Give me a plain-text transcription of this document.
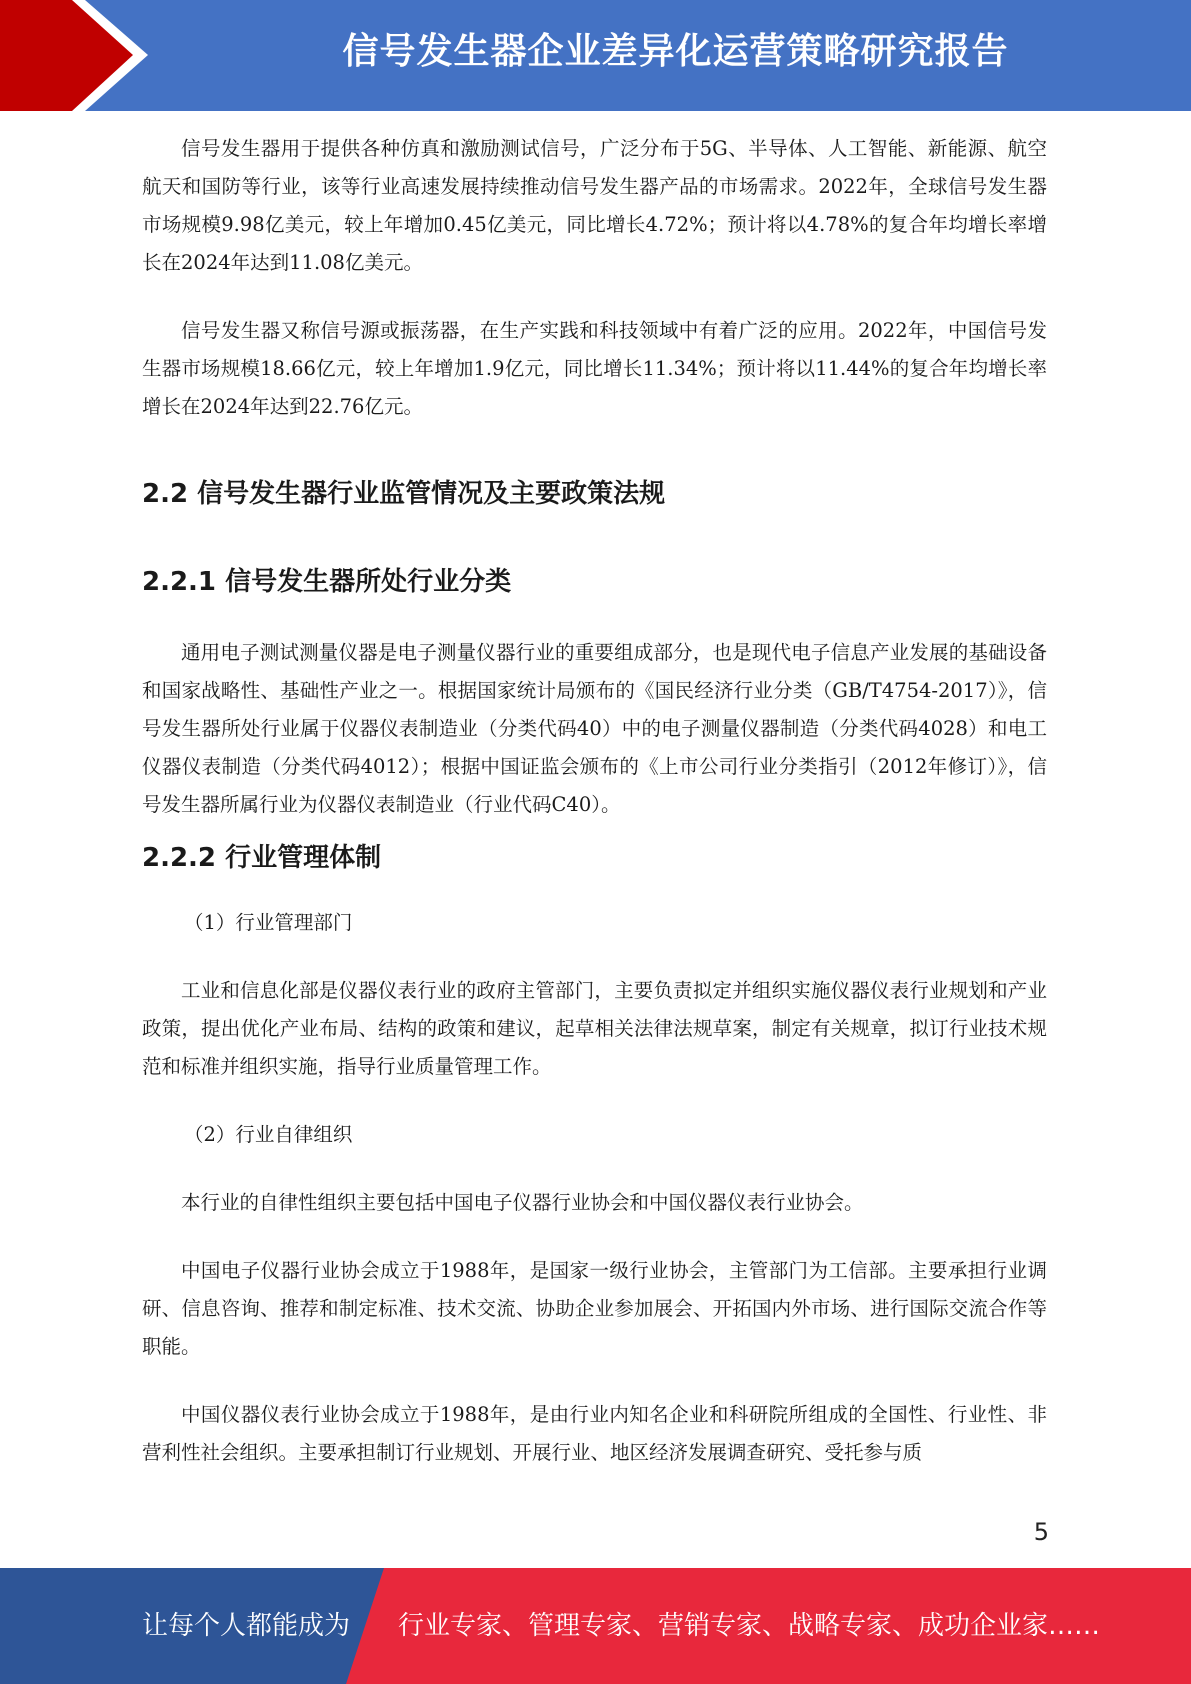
信号发生器企业差异化运营策略研究报告

信号发生器用于提供各种仿真和激励测试信号，广泛分布于5G、半导体、人工智能、新能源、航空航天和国防等行业，该等行业高速发展持续推动信号发生器产品的市场需求。2022年，全球信号发生器市场规模9.98亿美元，较上年增加0.45亿美元，同比增长4.72%；预计将以4.78%的复合年均增长率增长在2024年达到11.08亿美元。

信号发生器又称信号源或振荡器，在生产实践和科技领域中有着广泛的应用。2022年，中国信号发生器市场规模18.66亿元，较上年增加1.9亿元，同比增长11.34%；预计将以11.44%的复合年均增长率增长在2024年达到22.76亿元。

2.2 信号发生器行业监管情况及主要政策法规
2.2.1 信号发生器所处行业分类

通用电子测试测量仪器是电子测量仪器行业的重要组成部分，也是现代电子信息产业发展的基础设备和国家战略性、基础性产业之一。根据国家统计局颁布的《国民经济行业分类（GB/T4754-2017）》，信号发生器所处行业属于仪器仪表制造业（分类代码40）中的电子测量仪器制造（分类代码4028）和电工仪器仪表制造（分类代码4012）；根据中国证监会颁布的《上市公司行业分类指引（2012年修订）》，信号发生器所属行业为仪器仪表制造业（行业代码C40）。

2.2.2 行业管理体制

（1）行业管理部门

工业和信息化部是仪器仪表行业的政府主管部门，主要负责拟定并组织实施仪器仪表行业规划和产业政策，提出优化产业布局、结构的政策和建议，起草相关法律法规草案，制定有关规章，拟订行业技术规范和标准并组织实施，指导行业质量管理工作。

（2）行业自律组织

本行业的自律性组织主要包括中国电子仪器行业协会和中国仪器仪表行业协会。

中国电子仪器行业协会成立于1988年，是国家一级行业协会，主管部门为工信部。主要承担行业调研、信息咨询、推荐和制定标准、技术交流、协助企业参加展会、开拓国内外市场、进行国际交流合作等职能。

中国仪器仪表行业协会成立于1988年，是由行业内知名企业和科研院所组成的全国性、行业性、非营利性社会组织。主要承担制订行业规划、开展行业、地区经济发展调查研究、受托参与质

5
让每个人都能成为 行业专家、管理专家、营销专家、战略专家、成功企业家……
